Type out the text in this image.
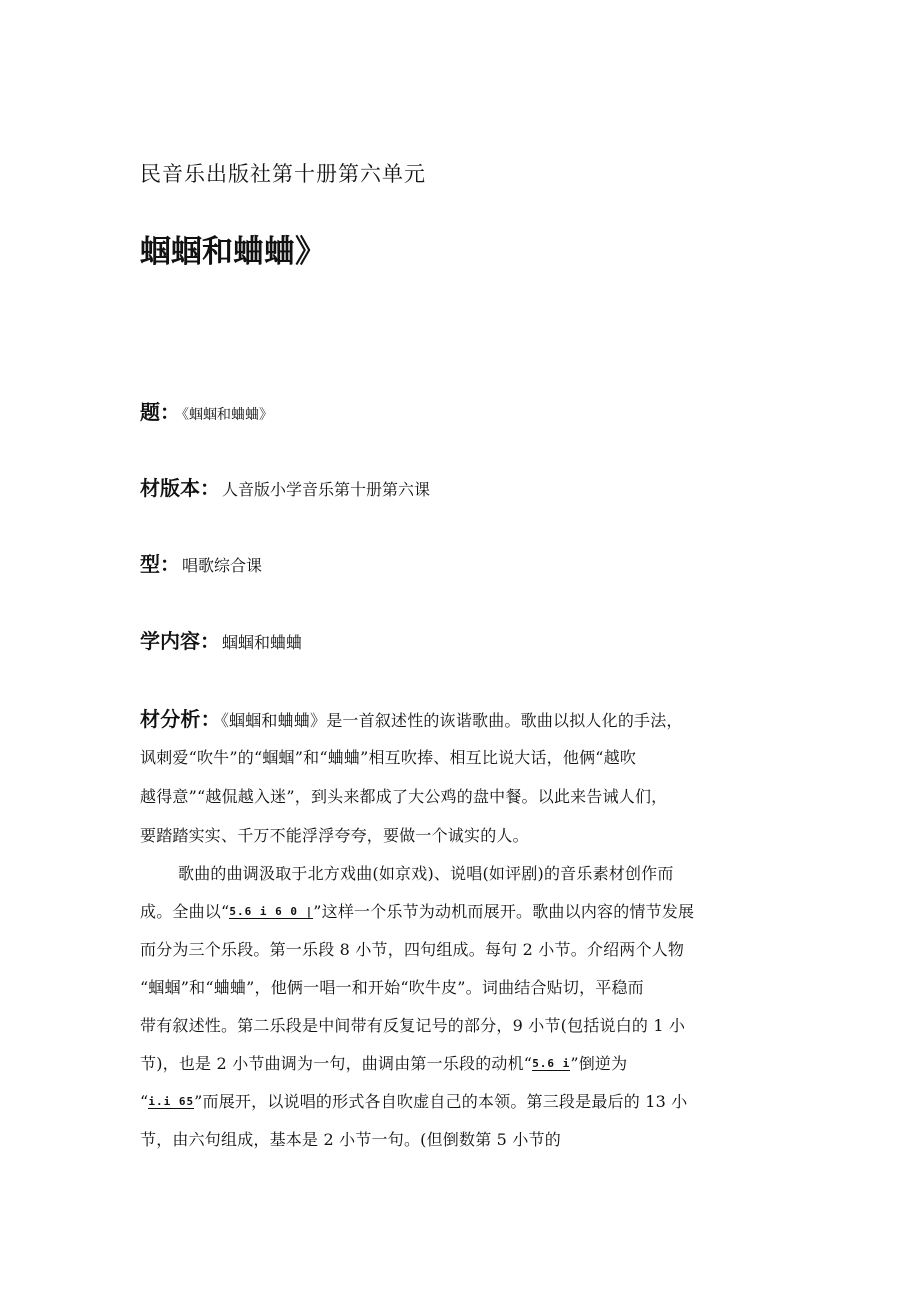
民音乐出版社第十册第六单元
蝈蝈和蛐蛐》
题： 《蝈蝈和蛐蛐》
材版本： 人音版小学音乐第十册第六课
型： 唱歌综合课
学内容： 蝈蝈和蛐蛐
材分析：《蝈蝈和蛐蛐》是一首叙述性的诙谐歌曲。歌曲以拟人化的手法，
讽刺爱“吹牛”的“蝈蝈”和“蛐蛐”相互吹捧、相互比说大话，他俩“越吹
越得意”“越侃越入迷”，到头来都成了大公鸡的盘中餐。以此来告诫人们，
要踏踏实实、千万不能浮浮夸夸，要做一个诚实的人。
歌曲的曲调汲取于北方戏曲(如京戏)、说唱(如评剧)的音乐素材创作而
成。全曲以“5.6 i 6 0 |”这样一个乐节为动机而展开。歌曲以内容的情节发展
而分为三个乐段。第一乐段 8 小节，四句组成。每句 2 小节。介绍两个人物
“蝈蝈”和“蛐蛐”，他俩一唱一和开始“吹牛皮”。词曲结合贴切，平稳而
带有叙述性。第二乐段是中间带有反复记号的部分，9 小节(包括说白的 1 小
节)，也是 2 小节曲调为一句，曲调由第一乐段的动机“5.6 i”倒逆为
“i.i 65”而展开，以说唱的形式各自吹虚自己的本领。第三段是最后的 13 小
节，由六句组成，基本是 2 小节一句。(但倒数第 5 小节的
